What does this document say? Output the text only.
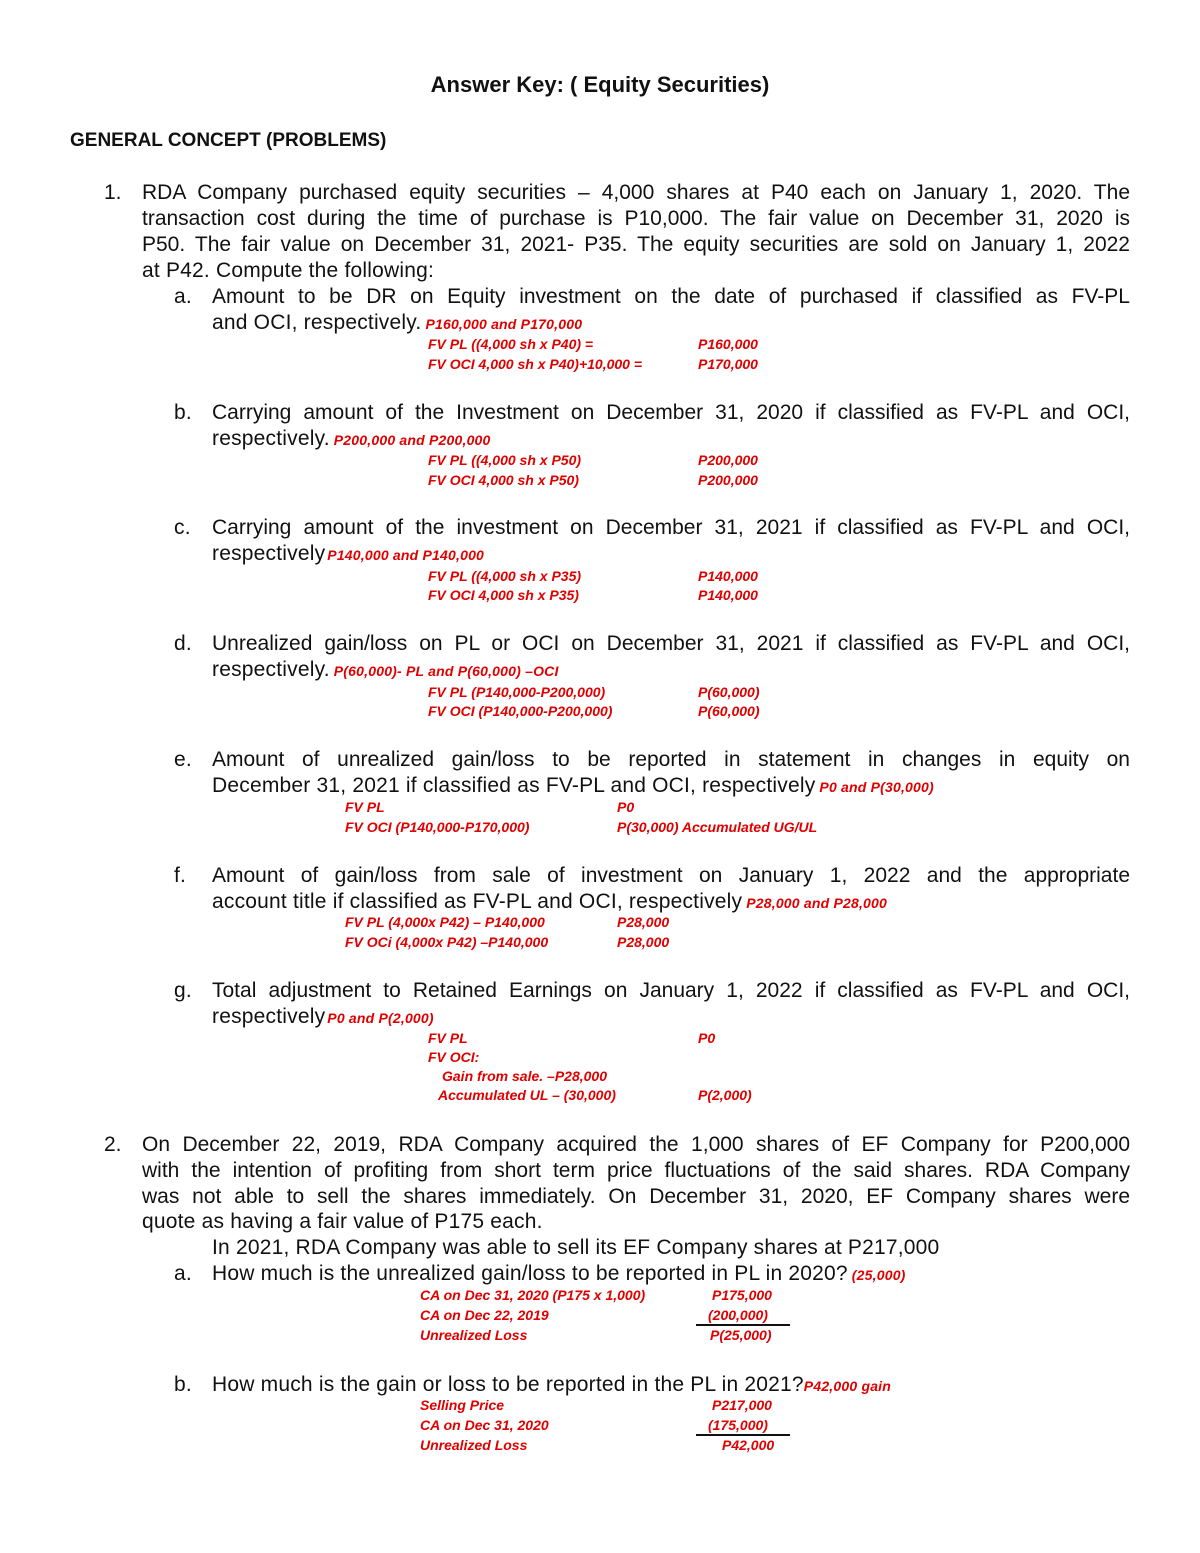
Answer Key: ( Equity Securities)
GENERAL CONCEPT (PROBLEMS)
1. RDA Company purchased equity securities – 4,000 shares at P40 each on January 1, 2020. The
transaction cost during the time of purchase is P10,000. The fair value on December 31, 2020 is
P50. The fair value on December 31, 2021- P35. The equity securities are sold on January 1, 2022
at P42. Compute the following:
a. Amount to be DR on Equity investment on the date of purchased if classified as FV-PL
and OCI, respectively. P160,000 and P170,000
FV PL ((4,000 sh x P40) =	P160,000
FV OCI 4,000 sh x P40)+10,000 =	P170,000
b. Carrying amount of the Investment on December 31, 2020 if classified as FV-PL and OCI,
respectively. P200,000 and P200,000
FV PL ((4,000 sh x P50)	P200,000
FV OCI 4,000 sh x P50)	P200,000
c. Carrying amount of the investment on December 31, 2021 if classified as FV-PL and OCI,
respectively P140,000 and P140,000
FV PL ((4,000 sh x P35)	P140,000
FV OCI 4,000 sh x P35)	P140,000
d. Unrealized gain/loss on PL or OCI on December 31, 2021 if classified as FV-PL and OCI,
respectively. P(60,000)- PL and P(60,000) –OCI
FV PL (P140,000-P200,000)	P(60,000)
FV OCI (P140,000-P200,000)	P(60,000)
e. Amount of unrealized gain/loss to be reported in statement in changes in equity on
December 31, 2021 if classified as FV-PL and OCI, respectively P0 and P(30,000)
FV PL	P0
FV OCI (P140,000-P170,000)	P(30,000) Accumulated UG/UL
f. Amount of gain/loss from sale of investment on January 1, 2022 and the appropriate
account title if classified as FV-PL and OCI, respectively P28,000 and P28,000
FV PL (4,000x P42) – P140,000	P28,000
FV OCi (4,000x P42) –P140,000	P28,000
g. Total adjustment to Retained Earnings on January 1, 2022 if classified as FV-PL and OCI,
respectively P0 and P(2,000)
FV PL	P0
FV OCI:
Gain from sale. –P28,000
Accumulated UL – (30,000)	P(2,000)
2. On December 22, 2019, RDA Company acquired the 1,000 shares of EF Company for P200,000
with the intention of profiting from short term price fluctuations of the said shares. RDA Company
was not able to sell the shares immediately. On December 31, 2020, EF Company shares were
quote as having a fair value of P175 each.
In 2021, RDA Company was able to sell its EF Company shares at P217,000
a. How much is the unrealized gain/loss to be reported in PL in 2020? (25,000)
CA on Dec 31, 2020 (P175 x 1,000)	P175,000
CA on Dec 22, 2019	(200,000)
Unrealized Loss	P(25,000)
b. How much is the gain or loss to be reported in the PL in 2021?P42,000 gain
Selling Price	P217,000
CA on Dec 31, 2020	(175,000)
Unrealized Loss	P42,000
